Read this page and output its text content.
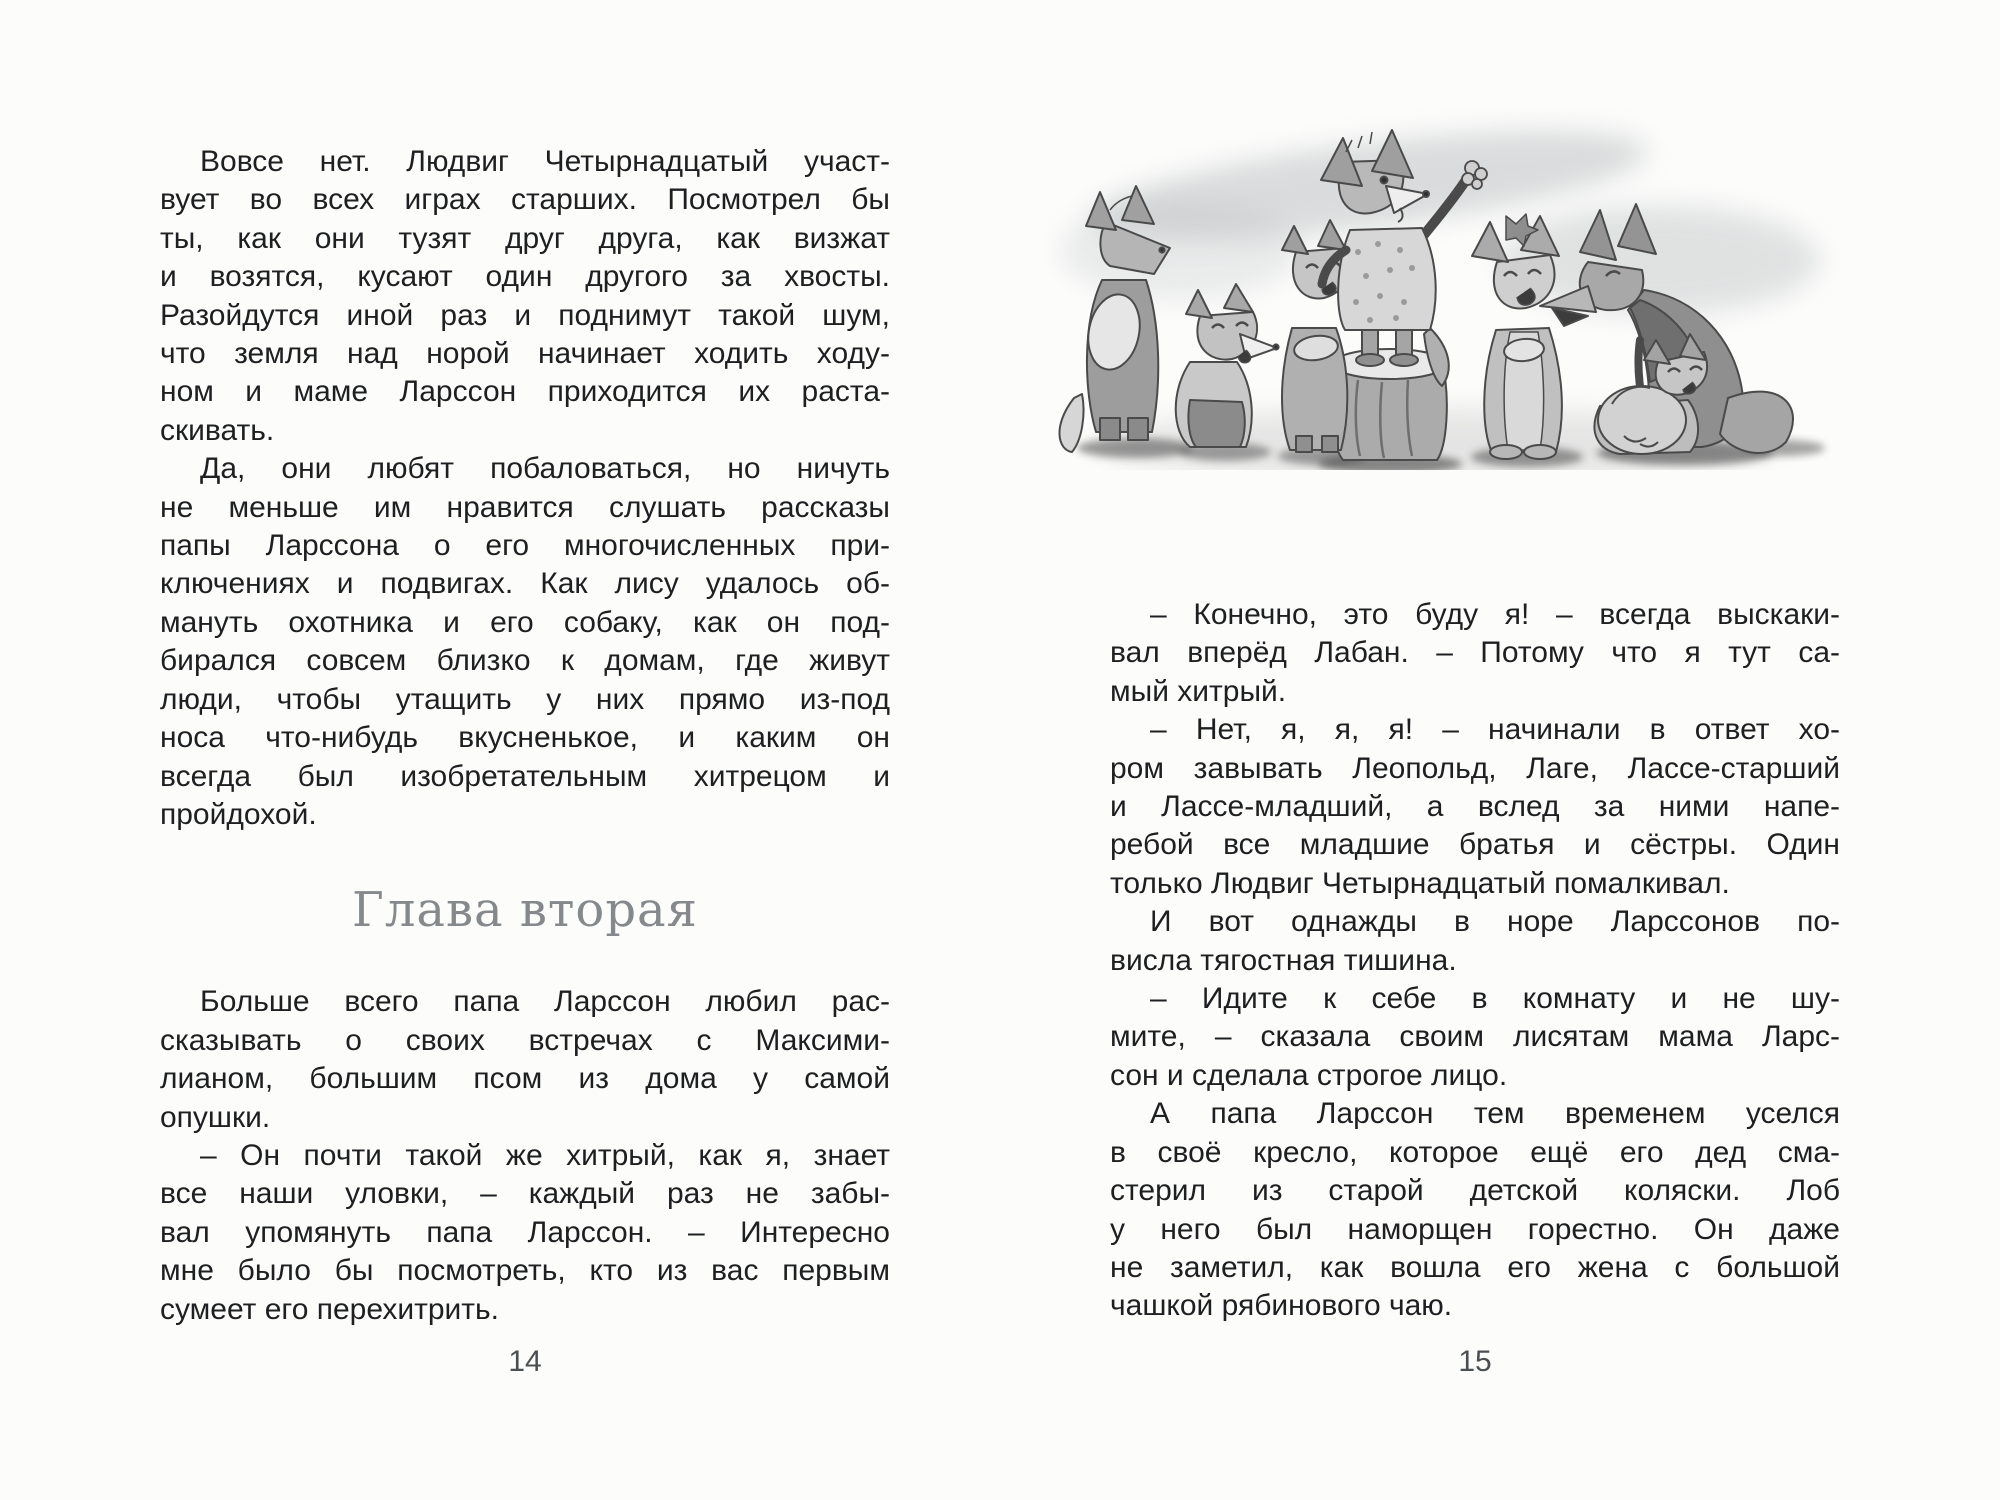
Вовсе нет. Людвиг Четырнадцатый участ-
вует во всех играх старших. Посмотрел бы
ты, как они тузят друг друга, как визжат
и возятся, кусают один другого за хвосты.
Разойдутся иной раз и поднимут такой шум,
что земля над норой начинает ходить ходу-
ном и маме Ларссон приходится их раста-
скивать.
Да, они любят побаловаться, но ничуть
не меньше им нравится слушать рассказы
папы Ларссона о его многочисленных при-
ключениях и подвигах. Как лису удалось об-
мануть охотника и его собаку, как он под-
бирался совсем близко к домам, где живут
люди, чтобы утащить у них прямо из-под
носа что-нибудь вкусненькое, и каким он
всегда был изобретательным хитрецом и
пройдохой.
Глава вторая
Больше всего папа Ларссон любил рас-
сказывать о своих встречах с Максими-
лианом, большим псом из дома у самой
опушки.
– Он почти такой же хитрый, как я, знает
все наши уловки, – каждый раз не забы-
вал упомянуть папа Ларссон. – Интересно
мне было бы посмотреть, кто из вас первым
сумеет его перехитрить.
14
– Конечно, это буду я! – всегда выскаки-
вал вперёд Лабан. – Потому что я тут са-
мый хитрый.
– Нет, я, я, я! – начинали в ответ хо-
ром завывать Леопольд, Лаге, Лассе-старший
и Лассе-младший, а вслед за ними напе-
ребой все младшие братья и сёстры. Один
только Людвиг Четырнадцатый помалкивал.
И вот однажды в норе Ларссонов по-
висла тягостная тишина.
– Идите к себе в комнату и не шу-
мите, – сказала своим лисятам мама Ларс-
сон и сделала строгое лицо.
А папа Ларссон тем временем уселся
в своё кресло, которое ещё его дед сма-
стерил из старой детской коляски. Лоб
у него был наморщен горестно. Он даже
не заметил, как вошла его жена с большой
чашкой рябинового чаю.
15
